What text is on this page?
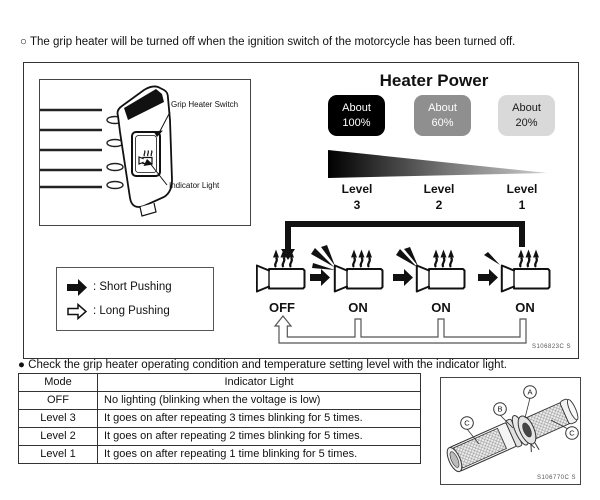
○ The grip heater will be turned off when the ignition switch of the motorcycle has been turned off.
Grip Heater Switch
Indicator Light
Heater Power
About
100%
About
60%
About
20%
Level
3
Level
2
Level
1
OFF	ON	ON	ON
: Short Pushing
: Long Pushing
S106823C S
● Check the grip heater operating condition and temperature setting level with the indicator light.
Mode	Indicator Light
OFF	No lighting (blinking when the voltage is low)
Level 3	It goes on after repeating 3 times blinking for 5 times.
Level 2	It goes on after repeating 2 times blinking for 5 times.
Level 1	It goes on after repeating 1 time blinking for 5 times.
A
B
C
C
S106770C S
